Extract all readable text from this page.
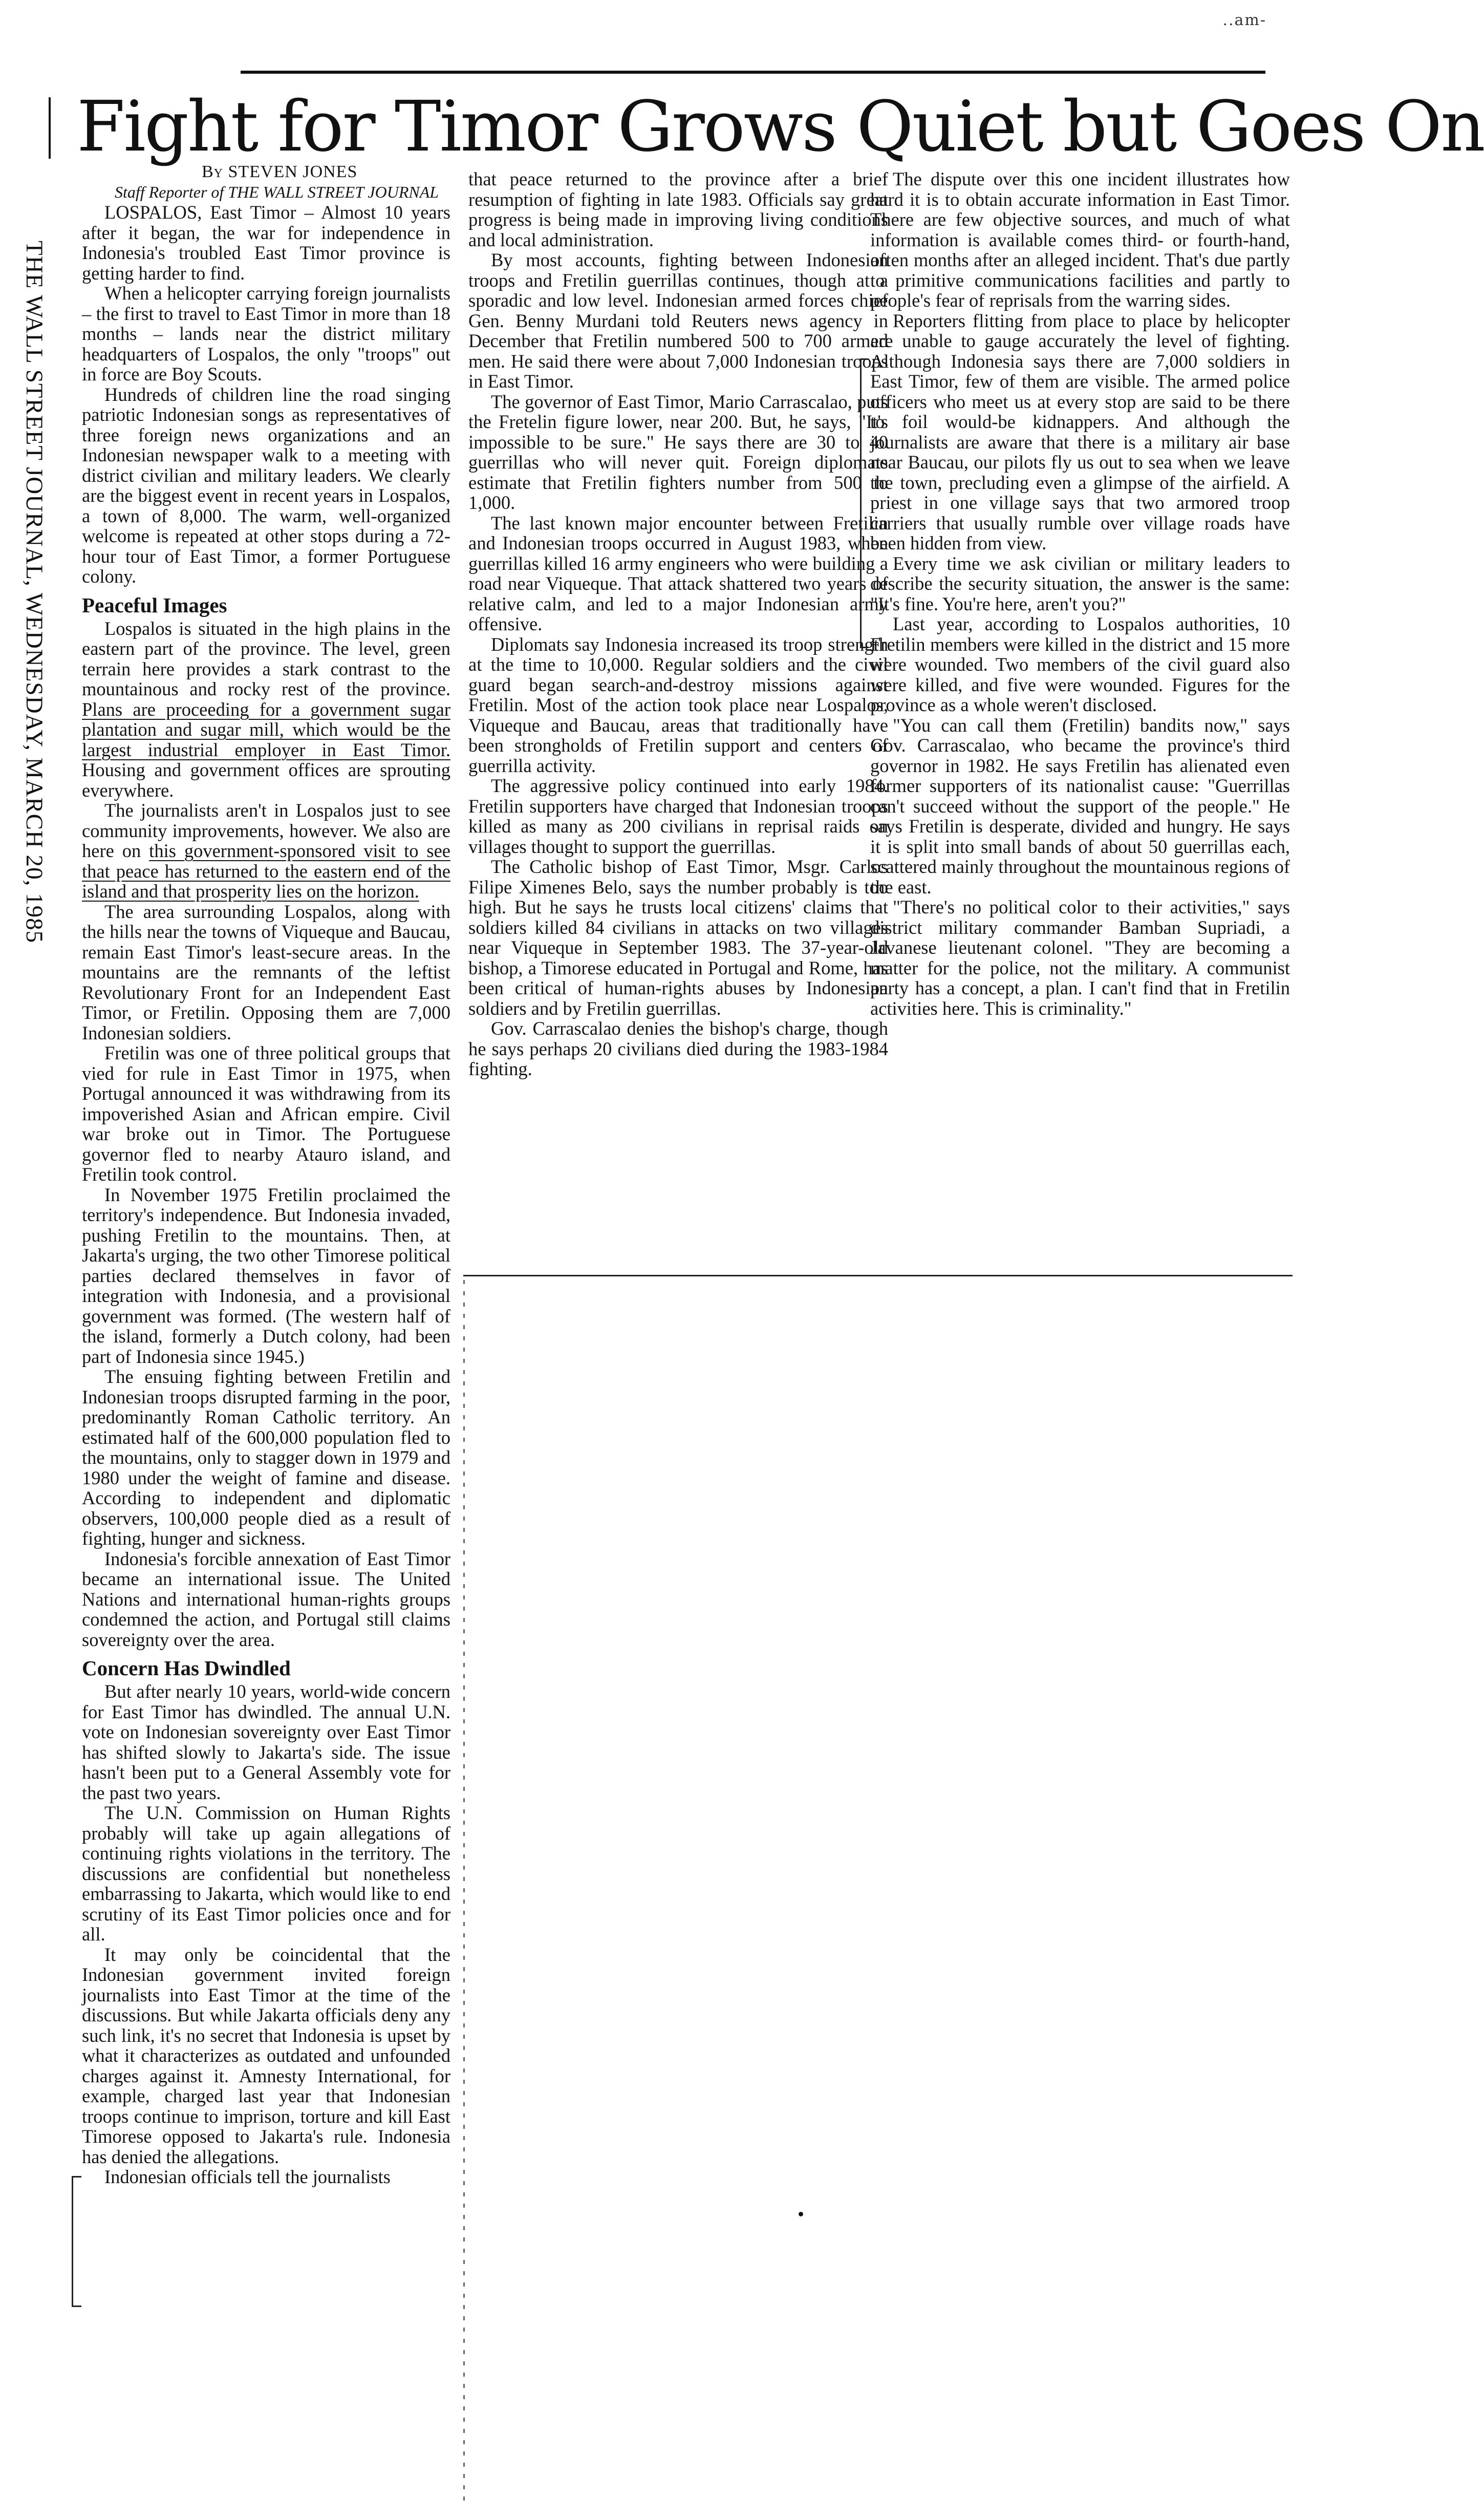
..am-
Fight for Timor Grows Quiet but Goes On
THE WALL STREET JOURNAL, WEDNESDAY, MARCH 20, 1985

By STEVEN JONES

Staff Reporter of THE WALL STREET JOURNAL

LOSPALOS, East Timor – Almost 10 years after it began, the war for independence in Indonesia's troubled East Timor province is getting harder to find.

When a helicopter carrying foreign journalists – the first to travel to East Timor in more than 18 months – lands near the district military headquarters of Lospalos, the only "troops" out in force are Boy Scouts.

Hundreds of children line the road singing patriotic Indonesian songs as representatives of three foreign news organizations and an Indonesian newspaper walk to a meeting with district civilian and military leaders. We clearly are the biggest event in recent years in Lospalos, a town of 8,000. The warm, well-organized welcome is repeated at other stops during a 72-hour tour of East Timor, a former Portuguese colony.

Peaceful Images

Lospalos is situated in the high plains in the eastern part of the province. The level, green terrain here provides a stark contrast to the mountainous and rocky rest of the province. Plans are proceeding for a government sugar plantation and sugar mill, which would be the largest industrial employer in East Timor. Housing and government offices are sprouting everywhere.

The journalists aren't in Lospalos just to see community improvements, however. We also are here on this government-sponsored visit to see that peace has returned to the eastern end of the island and that prosperity lies on the horizon.

The area surrounding Lospalos, along with the hills near the towns of Viqueque and Baucau, remain East Timor's least-secure areas. In the mountains are the remnants of the leftist Revolutionary Front for an Independent East Timor, or Fretilin. Opposing them are 7,000 Indonesian soldiers.

Fretilin was one of three political groups that vied for rule in East Timor in 1975, when Portugal announced it was withdrawing from its impoverished Asian and African empire. Civil war broke out in Timor. The Portuguese governor fled to nearby Atauro island, and Fretilin took control.

In November 1975 Fretilin proclaimed the territory's independence. But Indonesia invaded, pushing Fretilin to the mountains. Then, at Jakarta's urging, the two other Timorese political parties declared themselves in favor of integration with Indonesia, and a provisional government was formed. (The western half of the island, formerly a Dutch colony, had been part of Indonesia since 1945.)

The ensuing fighting between Fretilin and Indonesian troops disrupted farming in the poor, predominantly Roman Catholic territory. An estimated half of the 600,000 population fled to the mountains, only to stagger down in 1979 and 1980 under the weight of famine and disease. According to independent and diplomatic observers, 100,000 people died as a result of fighting, hunger and sickness.

Indonesia's forcible annexation of East Timor became an international issue. The United Nations and international human-rights groups condemned the action, and Portugal still claims sovereignty over the area.

Concern Has Dwindled

But after nearly 10 years, world-wide concern for East Timor has dwindled. The annual U.N. vote on Indonesian sovereignty over East Timor has shifted slowly to Jakarta's side. The issue hasn't been put to a General Assembly vote for the past two years.

The U.N. Commission on Human Rights probably will take up again allegations of continuing rights violations in the territory. The discussions are confidential but nonetheless embarrassing to Jakarta, which would like to end scrutiny of its East Timor policies once and for all.

It may only be coincidental that the Indonesian government invited foreign journalists into East Timor at the time of the discussions. But while Jakarta officials deny any such link, it's no secret that Indonesia is upset by what it characterizes as outdated and unfounded charges against it. Amnesty International, for example, charged last year that Indonesian troops continue to imprison, torture and kill East Timorese opposed to Jakarta's rule. Indonesia has denied the allegations.

Indonesian officials tell the journalists

that peace returned to the province after a brief resumption of fighting in late 1983. Officials say great progress is being made in improving living conditions and local administration.

By most accounts, fighting between Indonesian troops and Fretilin guerrillas continues, though at a sporadic and low level. Indonesian armed forces chief Gen. Benny Murdani told Reuters news agency in December that Fretilin numbered 500 to 700 armed men. He said there were about 7,000 Indonesian troops in East Timor.

The governor of East Timor, Mario Carrascalao, puts the Fretelin figure lower, near 200. But, he says, "It's impossible to be sure." He says there are 30 to 40 guerrillas who will never quit. Foreign diplomats estimate that Fretilin fighters number from 500 to 1,000.

The last known major encounter between Fretilin and Indonesian troops occurred in August 1983, when guerrillas killed 16 army engineers who were building a road near Viqueque. That attack shattered two years of relative calm, and led to a major Indonesian army offensive.

Diplomats say Indonesia increased its troop strength at the time to 10,000. Regular soldiers and the civil guard began search-and-destroy missions against Fretilin. Most of the action took place near Lospalos, Viqueque and Baucau, areas that traditionally have been strongholds of Fretilin support and centers of guerrilla activity.

The aggressive policy continued into early 1984. Fretilin supporters have charged that Indonesian troops killed as many as 200 civilians in reprisal raids on villages thought to support the guerrillas.

The Catholic bishop of East Timor, Msgr. Carlos Filipe Ximenes Belo, says the number probably is too high. But he says he trusts local citizens' claims that soldiers killed 84 civilians in attacks on two villages near Viqueque in September 1983. The 37-year-old bishop, a Timorese educated in Portugal and Rome, has been critical of human-rights abuses by Indonesian soldiers and by Fretilin guerrillas.

Gov. Carrascalao denies the bishop's charge, though he says perhaps 20 civilians died during the 1983-1984 fighting.

The dispute over this one incident illustrates how hard it is to obtain accurate information in East Timor. There are few objective sources, and much of what information is available comes third- or fourth-hand, often months after an alleged incident. That's due partly to primitive communications facilities and partly to people's fear of reprisals from the warring sides.

Reporters flitting from place to place by helicopter are unable to gauge accurately the level of fighting. Although Indonesia says there are 7,000 soldiers in East Timor, few of them are visible. The armed police officers who meet us at every stop are said to be there to foil would-be kidnappers. And although the journalists are aware that there is a military air base near Baucau, our pilots fly us out to sea when we leave the town, precluding even a glimpse of the airfield. A priest in one village says that two armored troop carriers that usually rumble over village roads have been hidden from view.

Every time we ask civilian or military leaders to describe the security situation, the answer is the same: "It's fine. You're here, aren't you?"

Last year, according to Lospalos authorities, 10 Fretilin members were killed in the district and 15 more were wounded. Two members of the civil guard also were killed, and five were wounded. Figures for the province as a whole weren't disclosed.

"You can call them (Fretilin) bandits now," says Gov. Carrascalao, who became the province's third governor in 1982. He says Fretilin has alienated even former supporters of its nationalist cause: "Guerrillas can't succeed without the support of the people." He says Fretilin is desperate, divided and hungry. He says it is split into small bands of about 50 guerrillas each, scattered mainly throughout the mountainous regions of the east.

"There's no political color to their activities," says district military commander Bamban Supriadi, a Javanese lieutenant colonel. "They are becoming a matter for the police, not the military. A communist party has a concept, a plan. I can't find that in Fretilin activities here. This is criminality."
